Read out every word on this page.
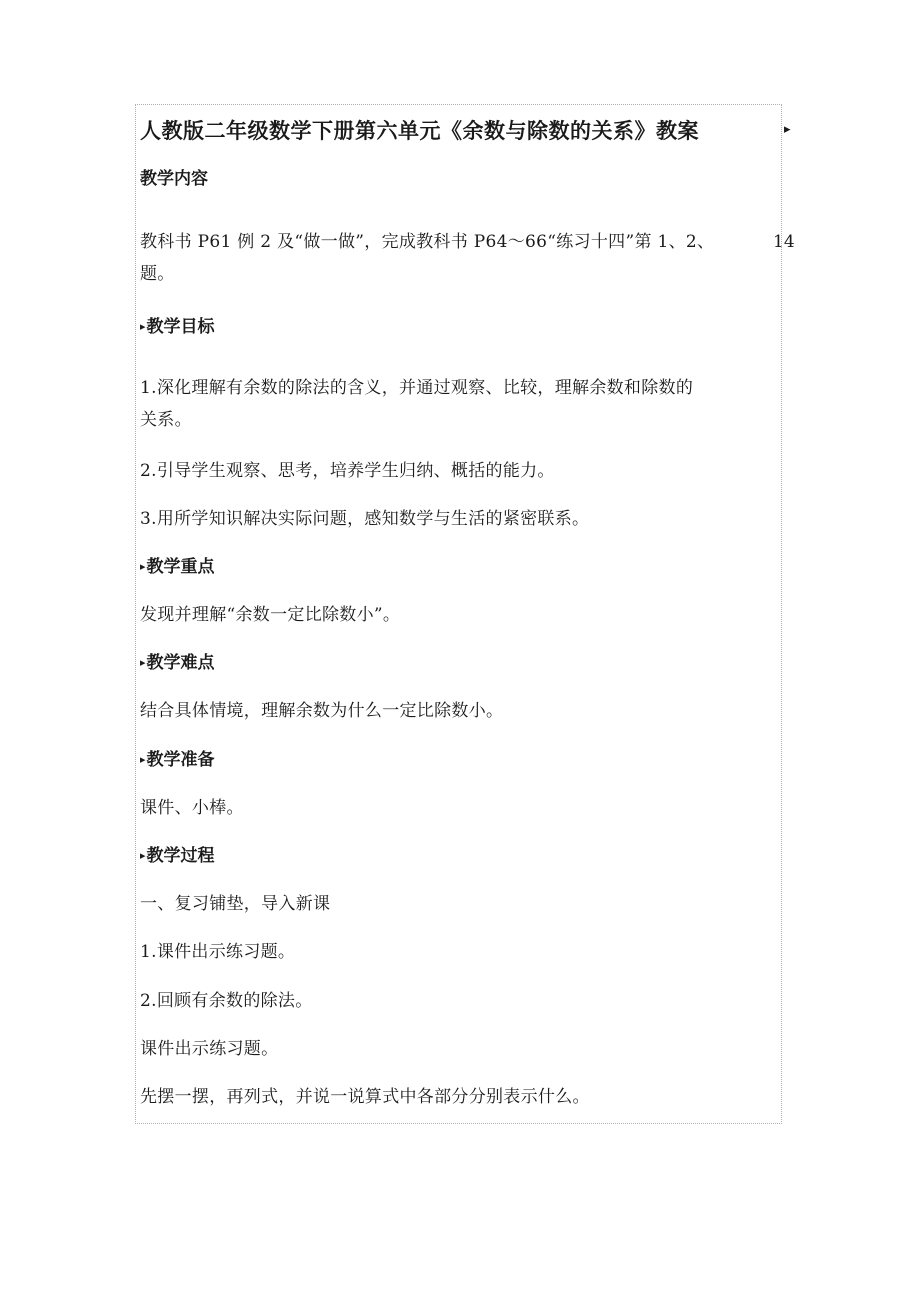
人教版二年级数学下册第六单元《余数与除数的关系》教案	▸
教学内容
教科书 P61 例 2 及“做一做”，完成教科书 P64～66“练习十四”第 1、2、	14
题。
▸教学目标
1.深化理解有余数的除法的含义，并通过观察、比较，理解余数和除数的
关系。
2.引导学生观察、思考，培养学生归纳、概括的能力。
3.用所学知识解决实际问题，感知数学与生活的紧密联系。
▸教学重点
发现并理解“余数一定比除数小”。
▸教学难点
结合具体情境，理解余数为什么一定比除数小。
▸教学准备
课件、小棒。
▸教学过程
一、复习铺垫，导入新课
1.课件出示练习题。
2.回顾有余数的除法。
课件出示练习题。
先摆一摆，再列式，并说一说算式中各部分分别表示什么。
